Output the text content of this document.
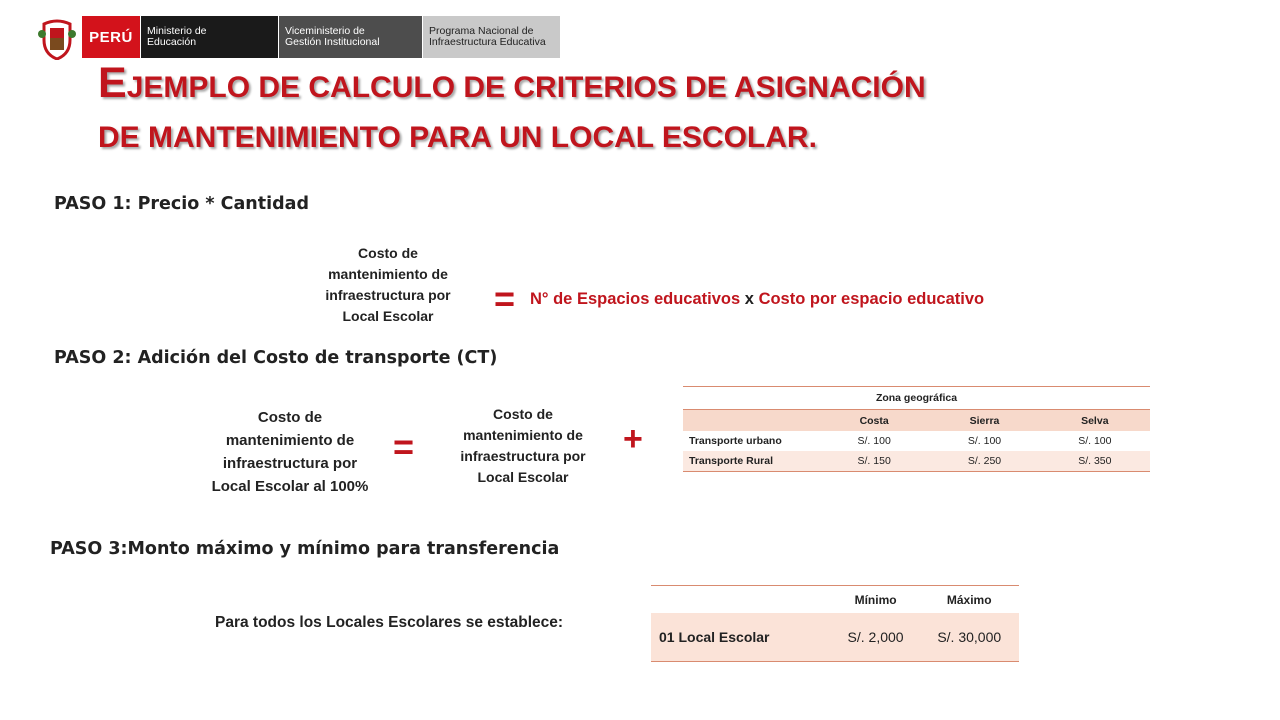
PERÚ Ministerio de
Educación
Viceministerio de
Gestión Institucional
Programa Nacional de
Infraestructura Educativa
EJEMPLO DE CALCULO DE CRITERIOS DE ASIGNACIÓN
DE MANTENIMIENTO PARA UN LOCAL ESCOLAR.
PASO 1: Precio * Cantidad
Costo de mantenimiento de infraestructura por Local Escolar	= N° de Espacios educativos x Costo por espacio educativo
PASO 2: Adición del Costo de transporte (CT)
Costo de mantenimiento de infraestructura por Local Escolar al 100%
=
Costo de mantenimiento de infraestructura por Local Escolar
+
Zona geográfica			
	Costa	Sierra	Selva
Transporte urbano	S/. 100	S/. 100	S/. 100
Transporte Rural	S/. 150	S/. 250	S/. 350
PASO 3:Monto máximo y mínimo para transferencia
Para todos los Locales Escolares se establece:
	Mínimo	Máximo
01 Local Escolar	S/. 2,000	S/. 30,000
